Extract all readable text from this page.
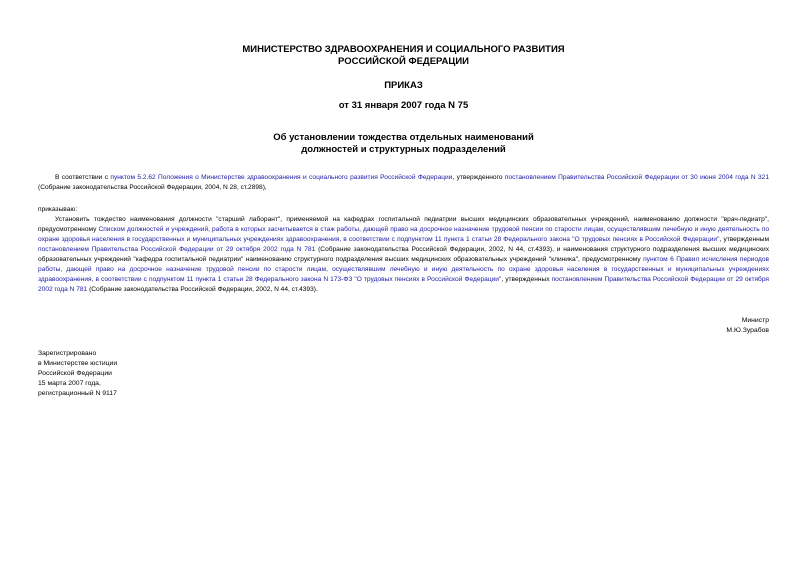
МИНИСТЕРСТВО ЗДРАВООХРАНЕНИЯ И СОЦИАЛЬНОГО РАЗВИТИЯ
РОССИЙСКОЙ ФЕДЕРАЦИИ
ПРИКАЗ
от 31 января 2007 года N 75
Об установлении тождества отдельных наименований
должностей и структурных подразделений
В соответствии с пунктом 5.2.62 Положения о Министерстве здравоохранения и социального развития Российской Федерации, утвержденного постановлением Правительства Российской Федерации от 30 июня 2004 года N 321 (Собрание законодательства Российской Федерации, 2004, N 28, ст.2898),
приказываю:
Установить тождество наименования должности "старший лаборант", применяемой на кафедрах госпитальной педиатрии высших медицинских образовательных учреждений, наименованию должности "врач-педиатр", предусмотренному Списком должностей и учреждений, работа в которых засчитывается в стаж работы, дающей право на досрочное назначение трудовой пенсии по старости лицам, осуществлявшим лечебную и иную деятельность по охране здоровья населения в государственных и муниципальных учреждениях здравоохранения, в соответствии с подпунктом 11 пункта 1 статьи 28 Федерального закона "О трудовых пенсиях в Российской Федерации", утвержденным постановлением Правительства Российской Федерации от 29 октября 2002 года N 781 (Собрание законодательства Российской Федерации, 2002, N 44, ст.4393), и наименования структурного подразделения высших медицинских образовательных учреждений "кафедра госпитальной педиатрии" наименованию структурного подразделения высших медицинских образовательных учреждений "клиника", предусмотренному пунктом 6 Правил исчисления периодов работы, дающей право на досрочное назначение трудовой пенсии по старости лицам, осуществлявшим лечебную и иную деятельность по охране здоровья населения в государственных и муниципальных учреждениях здравоохранения, в соответствии с подпунктом 11 пункта 1 статьи 28 Федерального закона N 173-ФЗ "О трудовых пенсиях в Российской Федерации", утвержденных постановлением Правительства Российской Федерации от 29 октября 2002 года N 781 (Собрание законодательства Российской Федерации, 2002, N 44, ст.4393).
Министр
М.Ю.Зурабов
Зарегистрировано
в Министерстве юстиции
Российской Федерации
15 марта 2007 года,
регистрационный N 9117
